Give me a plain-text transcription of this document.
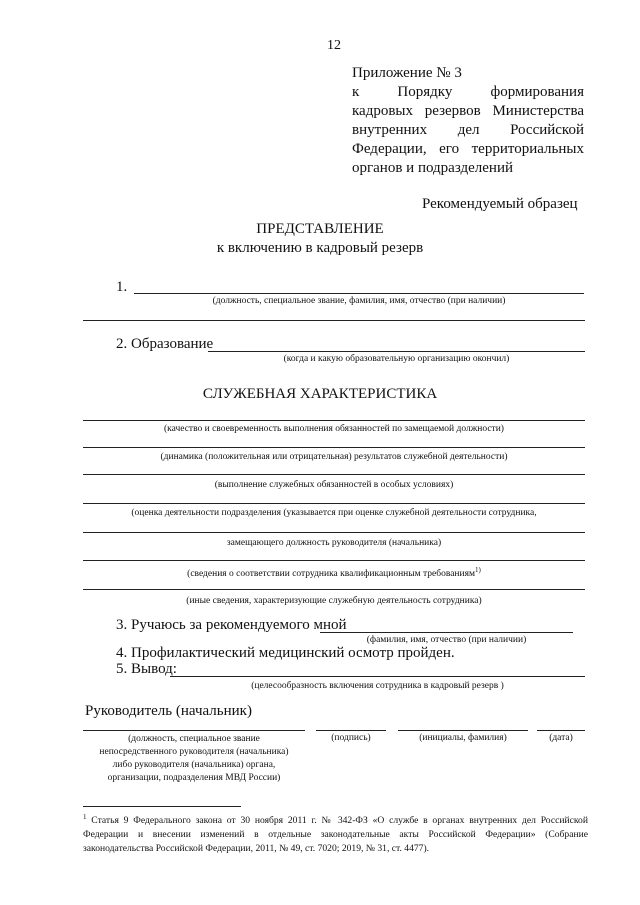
12
Приложение № 3
к	Порядку	формирования
кадровых резервов Министерства
внутренних дел Российской
Федерации, его территориальных
органов и подразделений
Рекомендуемый образец
ПРЕДСТАВЛЕНИЕ
к включению в кадровый резерв
1.
(должность, специальное звание, фамилия, имя, отчество (при наличии)
2. Образование
(когда и какую образовательную организацию окончил)
СЛУЖЕБНАЯ ХАРАКТЕРИСТИКА
(качество и своевременность выполнения обязанностей по замещаемой должности)
(динамика (положительная или отрицательная) результатов служебной деятельности)
(выполнение служебных обязанностей в особых условиях)
(оценка деятельности подразделения (указывается при оценке служебной деятельности сотрудника,
замещающего должность руководителя (начальника)
(сведения о соответствии сотрудника квалификационным требованиям$^{1)}$
(иные сведения, характеризующие служебную деятельность сотрудника)
3. Ручаюсь за рекомендуемого мной
(фамилия, имя, отчество (при наличии)
4. Профилактический медицинский осмотр пройден.
5. Вывод:
(целесообразность включения сотрудника в кадровый резерв )
Руководитель (начальник)
(должность, специальное звание
непосредственного руководителя (начальника)
либо руководителя (начальника) органа,
организации, подразделения МВД России)
(подпись)	(инициалы, фамилия)	(дата)
$^1$ Статья 9 Федерального закона от 30 ноября 2011 г. № 342-ФЗ «О службе в органах внутренних дел Российской Федерации и внесении изменений в отдельные законодательные акты Российской Федерации» (Собрание законодательства Российской Федерации, 2011, № 49, ст. 7020; 2019, № 31, ст. 4477).
